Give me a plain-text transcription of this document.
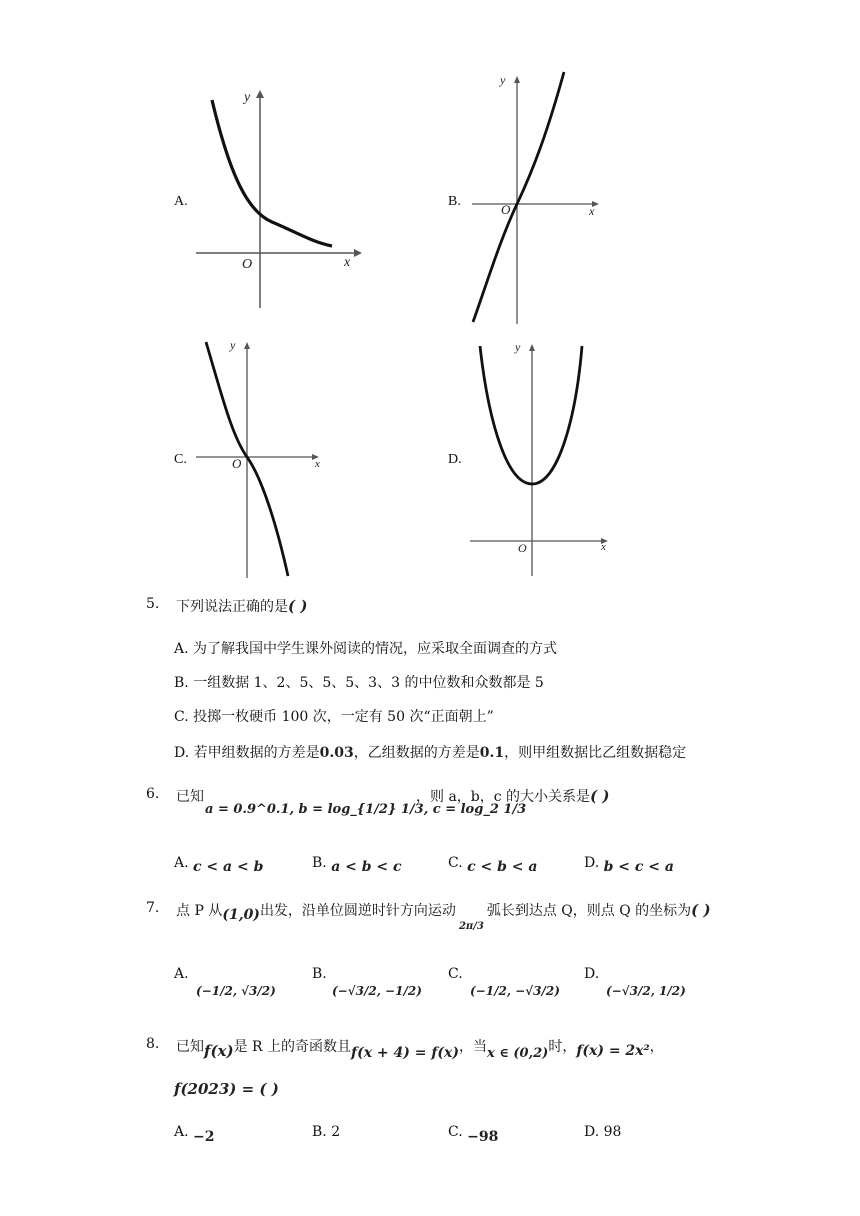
A.
y
x
O
B.
y
x
O
C.
y
x
O	D.
y
x
O
5. 下列说法正确的是( )
A. 为了解我国中学生课外阅读的情况，应采取全面调查的方式
B. 一组数据 1、2、5、5、5、3、3 的中位数和众数都是 5
C. 投掷一枚硬币 100 次，一定有 50 次“正面朝上”
D. 若甲组数据的方差是0.03，乙组数据的方差是0.1，则甲组数据比乙组数据稳定
6. 已知
a = 0.9^0.1, b = log_{1/2} 1/3, c = log_2 1/3
，则 a，b，c 的大小关系是( )
A. c < a < b	B. a < b < c	C. c < b < a	D. b < c < a
7. 点 P 从(1,0)出发，沿单位圆逆时针方向运动$_{2\pi/3}$弧长到达点 Q，则点 Q 的坐标为( )
A.
(−1/2, √3/2)
B.
(−√3/2, −1/2)
C.
(−1/2, −√3/2)
D.
(−√3/2, 1/2)
8. 已知f(x)是 R 上的奇函数且f(x + 4) = f(x)，当x ∈ (0,2)时，f(x) = 2x²，
f(2023) = ( )
A. −2	B. 2	C. −98	D. 98
